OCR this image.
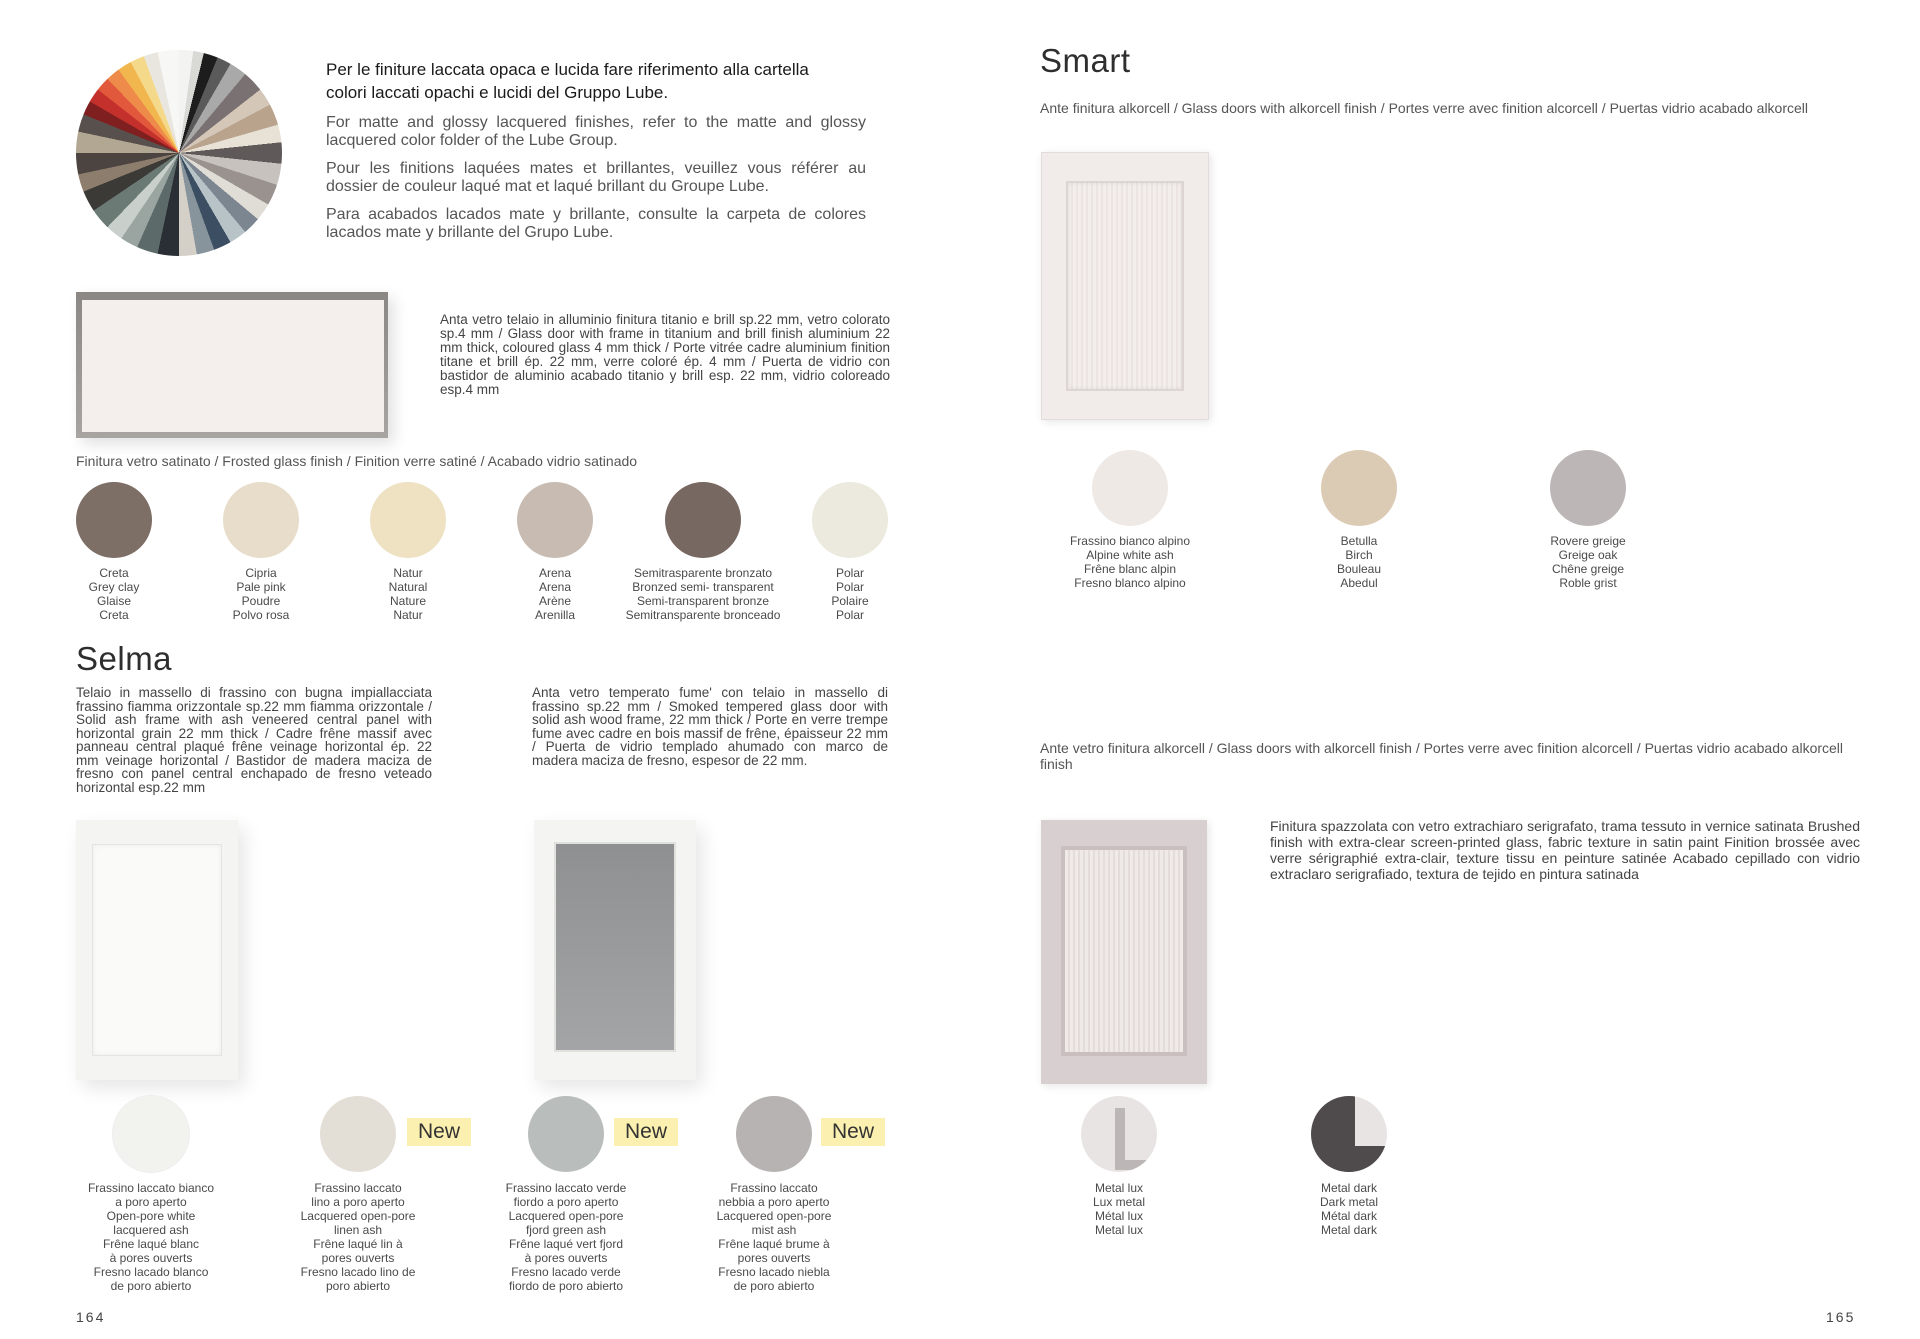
Per le finiture laccata opaca e lucida fare riferimento alla cartella colori laccati opachi e lucidi del Gruppo Lube.
For matte and glossy lacquered finishes, refer to the matte and glossy lacquered color folder of the Lube Group.
Pour les finitions laquées mates et brillantes, veuillez vous référer au dossier de couleur laqué mat et laqué brillant du Groupe Lube.
Para acabados lacados mate y brillante, consulte la carpeta de colores lacados mate y brillante del Grupo Lube.
Anta vetro telaio in alluminio finitura titanio e brill sp.22 mm, vetro colorato sp.4 mm / Glass door with frame in titanium and brill finish aluminium 22 mm thick, coloured glass 4 mm thick / Porte vitrée cadre aluminium finition titane et brill ép. 22 mm, verre coloré ép. 4 mm / Puerta de vidrio con bastidor de aluminio acabado titanio y brill esp. 22 mm, vidrio coloreado esp.4 mm
Finitura vetro satinato / Frosted glass finish / Finition verre satiné / Acabado vidrio satinado
Creta
Grey clay
Glaise
Creta
Cipria
Pale pink
Poudre
Polvo rosa
Natur
Natural
Nature
Natur
Arena
Arena
Arène
Arenilla
Semitrasparente bronzato
Bronzed semi- transparent
Semi-transparent bronze
Semitransparente bronceado
Polar
Polar
Polaire
Polar
Selma
Telaio in massello di frassino con bugna impiallacciata frassino fiamma orizzontale sp.22 mm fiamma orizzontale / Solid ash frame with ash veneered central panel with horizontal grain 22 mm thick / Cadre frêne massif avec panneau central plaqué frêne veinage horizontal ép. 22 mm veinage horizontal / Bastidor de madera maciza de fresno con panel central enchapado de fresno veteado horizontal esp.22 mm
Anta vetro temperato fume' con telaio in massello di frassino sp.22 mm / Smoked tempered glass door with solid ash wood frame, 22 mm thick / Porte en verre trempe fume avec cadre en bois massif de frêne, épaisseur 22 mm / Puerta de vidrio templado ahumado con marco de madera maciza de fresno, espesor de 22 mm.
Frassino laccato bianco
a poro aperto
Open-pore white
lacquered ash
Frêne laqué blanc
à pores ouverts
Fresno lacado blanco
de poro abierto
New
Frassino laccato
lino a poro aperto
Lacquered open-pore
linen ash
Frêne laqué lin à
pores ouverts
Fresno lacado lino de
poro abierto
New
Frassino laccato verde
fiordo a poro aperto
Lacquered open-pore
fjord green ash
Frêne laqué vert fjord
à pores ouverts
Fresno lacado verde
fiordo de poro abierto
New
Frassino laccato
nebbia a poro aperto
Lacquered open-pore
mist ash
Frêne laqué brume à
pores ouverts
Fresno lacado niebla
de poro abierto
164
Smart
Ante finitura alkorcell / Glass doors with alkorcell finish / Portes verre avec finition alcorcell / Puertas vidrio acabado alkorcell
Frassino bianco alpino
Alpine white ash
Frêne blanc alpin
Fresno blanco alpino
Betulla
Birch
Bouleau
Abedul
Rovere greige
Greige oak
Chêne greige
Roble grist
Ante vetro finitura alkorcell / Glass doors with alkorcell finish / Portes verre avec finition alcorcell / Puertas vidrio acabado alkorcell finish
Finitura spazzolata con vetro extrachiaro serigrafato, trama tessuto in vernice satinata Brushed finish with extra-clear screen-printed glass, fabric texture in satin paint Finition brossée avec verre sérigraphié extra-clair, texture tissu en peinture satinée Acabado cepillado con vidrio extraclaro serigrafiado, textura de tejido en pintura satinada
Metal lux
Lux metal
Métal lux
Metal lux
Metal dark
Dark metal
Métal dark
Metal dark
165
